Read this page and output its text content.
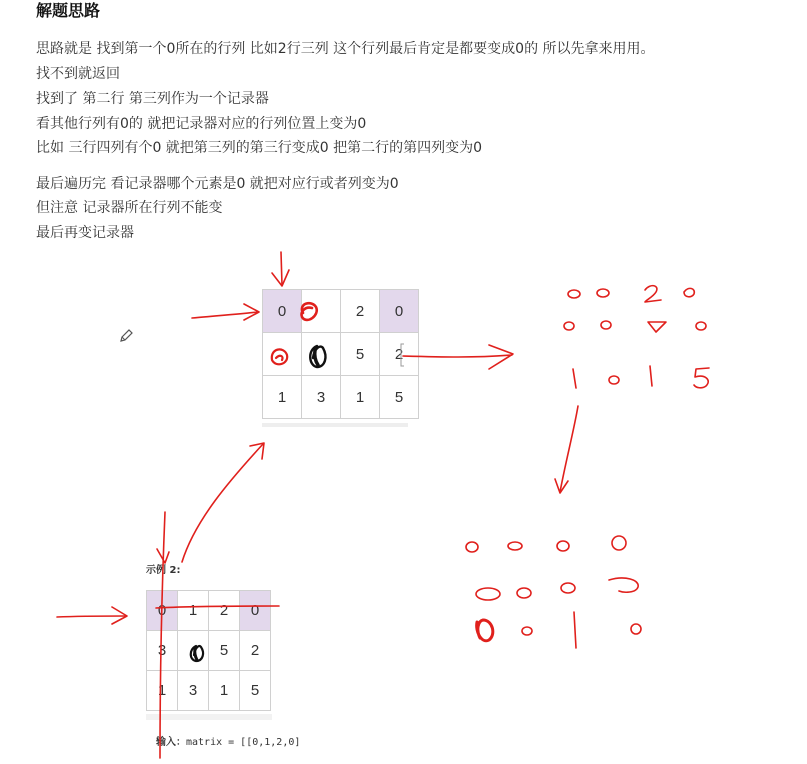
解题思路
思路就是 找到第一个0所在的行列 比如2行三列 这个行列最后肯定是都要变成0的 所以先拿来用用。
找不到就返回
找到了 第二行 第三列作为一个记录器
看其他行列有0的 就把记录器对应的行列位置上变为0
比如 三行四列有个0 就把第三列的第三行变成0 把第二行的第四列变为0
最后遍历完 看记录器哪个元素是0 就把对应行或者列变为0
但注意 记录器所在行列不能变
最后再变记录器
0		2	0
		5	2
1	3	1	5
示例 2:
0	1	2	0
3		5	2
1	3	1	5
输入：matrix = [[0,1,2,0]
